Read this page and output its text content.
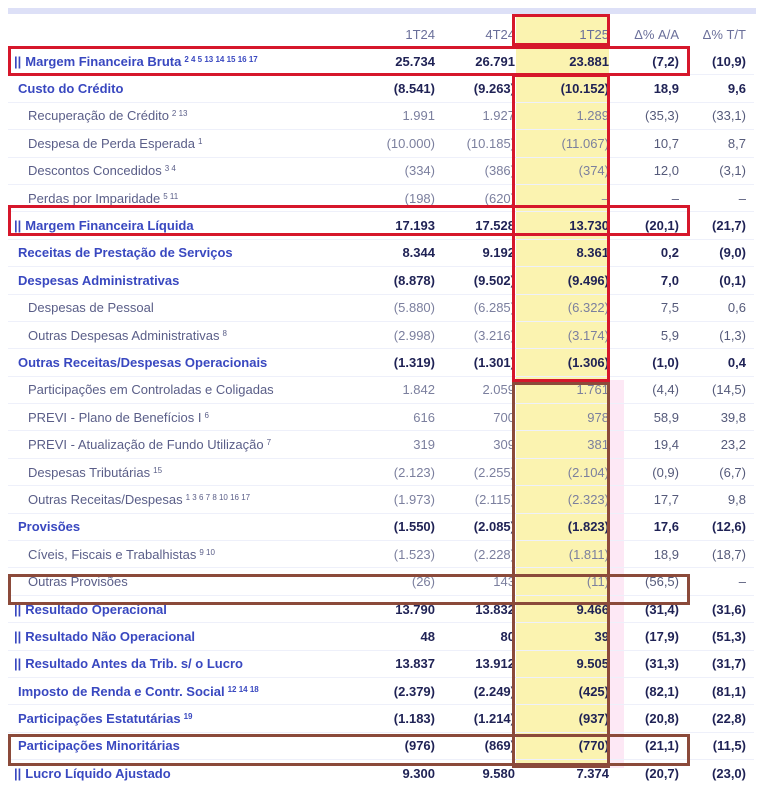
	1T24	4T24	1T25	Δ% A/A	Δ% T/T
|| Margem Financeira Bruta $^{2 4 5 13 14 15 16 17}$	25.734	26.791	23.881	(7,2)	(10,9)
Custo do Crédito	(8.541)	(9.263)	(10.152)	18,9	9,6
Recuperação de Crédito $^{2 13}$	1.991	1.927	1.289	(35,3)	(33,1)
Despesa de Perda Esperada $^1$	(10.000)	(10.185)	(11.067)	10,7	8,7
Descontos Concedidos $^{3 4}$	(334)	(386)	(374)	12,0	(3,1)
Perdas por Imparidade $^{5 11}$	(198)	(620)	–	–	–
|| Margem Financeira Líquida	17.193	17.528	13.730	(20,1)	(21,7)
Receitas de Prestação de Serviços	8.344	9.192	8.361	0,2	(9,0)
Despesas Administrativas	(8.878)	(9.502)	(9.496)	7,0	(0,1)
Despesas de Pessoal	(5.880)	(6.285)	(6.322)	7,5	0,6
Outras Despesas Administrativas $^8$	(2.998)	(3.216)	(3.174)	5,9	(1,3)
Outras Receitas/Despesas Operacionais	(1.319)	(1.301)	(1.306)	(1,0)	0,4
Participações em Controladas e Coligadas	1.842	2.059	1.761	(4,4)	(14,5)
PREVI - Plano de Benefícios I $^6$	616	700	978	58,9	39,8
PREVI - Atualização de Fundo Utilização $^7$	319	309	381	19,4	23,2
Despesas Tributárias $^{15}$	(2.123)	(2.255)	(2.104)	(0,9)	(6,7)
Outras Receitas/Despesas $^{1 3 6 7 8 10 16 17}$	(1.973)	(2.115)	(2.323)	17,7	9,8
Provisões	(1.550)	(2.085)	(1.823)	17,6	(12,6)
Cíveis, Fiscais e Trabalhistas $^{9 10}$	(1.523)	(2.228)	(1.811)	18,9	(18,7)
Outras Provisões	(26)	143	(11)	(56,5)	–
|| Resultado Operacional	13.790	13.832	9.466	(31,4)	(31,6)
|| Resultado Não Operacional	48	80	39	(17,9)	(51,3)
|| Resultado Antes da Trib. s/ o Lucro	13.837	13.912	9.505	(31,3)	(31,7)
Imposto de Renda e Contr. Social $^{12 14 18}$	(2.379)	(2.249)	(425)	(82,1)	(81,1)
Participações Estatutárias $^{19}$	(1.183)	(1.214)	(937)	(20,8)	(22,8)
Participações Minoritárias	(976)	(869)	(770)	(21,1)	(11,5)
|| Lucro Líquido Ajustado	9.300	9.580	7.374	(20,7)	(23,0)
